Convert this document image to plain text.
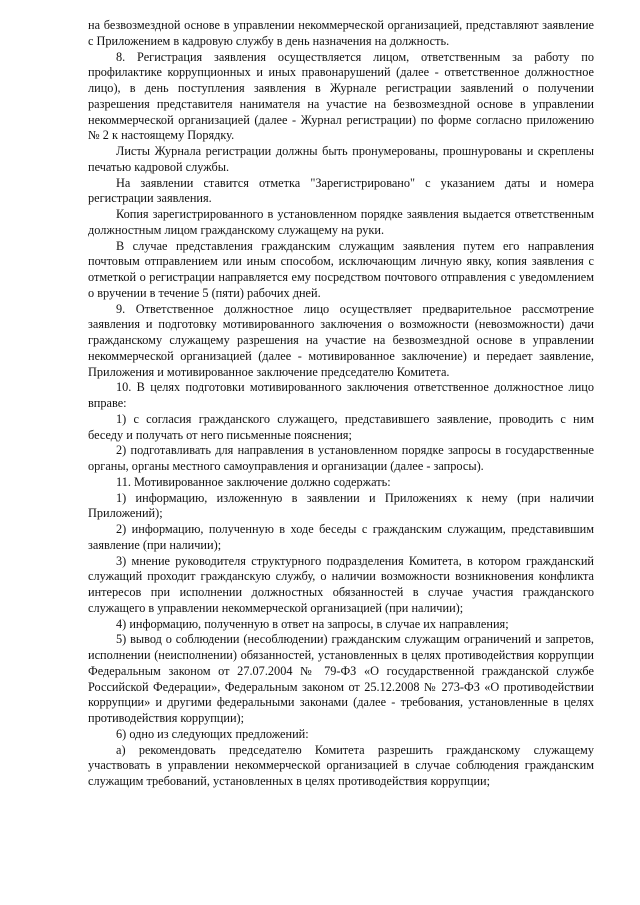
на безвозмездной основе в управлении некоммерческой организацией, представляют заявление с Приложением в кадровую службу в день назначения на должность.

8. Регистрация заявления осуществляется лицом, ответственным за работу по профилактике коррупционных и иных правонарушений (далее - ответственное должностное лицо), в день поступления заявления в Журнале регистрации заявлений о получении разрешения представителя нанимателя на участие на безвозмездной основе в управлении некоммерческой организацией (далее - Журнал регистрации) по форме согласно приложению № 2 к настоящему Порядку.

Листы Журнала регистрации должны быть пронумерованы, прошнурованы и скреплены печатью кадровой службы.

На заявлении ставится отметка "Зарегистрировано" с указанием даты и номера регистрации заявления.

Копия зарегистрированного в установленном порядке заявления выдается ответственным должностным лицом гражданскому служащему на руки.

В случае представления гражданским служащим заявления путем его направления почтовым отправлением или иным способом, исключающим личную явку, копия заявления с отметкой о регистрации направляется ему посредством почтового отправления с уведомлением о вручении в течение 5 (пяти) рабочих дней.

9. Ответственное должностное лицо осуществляет предварительное рассмотрение заявления и подготовку мотивированного заключения о возможности (невозможности) дачи гражданскому служащему разрешения на участие на безвозмездной основе в управлении некоммерческой организацией (далее - мотивированное заключение) и передает заявление, Приложения и мотивированное заключение председателю Комитета.

10. В целях подготовки мотивированного заключения ответственное должностное лицо вправе:

1) с согласия гражданского служащего, представившего заявление, проводить с ним беседу и получать от него письменные пояснения;

2) подготавливать для направления в установленном порядке запросы в государственные органы, органы местного самоуправления и организации (далее - запросы).

11. Мотивированное заключение должно содержать:

1) информацию, изложенную в заявлении и Приложениях к нему (при наличии Приложений);

2) информацию, полученную в ходе беседы с гражданским служащим, представившим заявление (при наличии);

3) мнение руководителя структурного подразделения Комитета, в котором гражданский служащий проходит гражданскую службу, о наличии возможности возникновения конфликта интересов при исполнении должностных обязанностей в случае участия гражданского служащего в управлении некоммерческой организацией (при наличии);

4) информацию, полученную в ответ на запросы, в случае их направления;

5) вывод о соблюдении (несоблюдении) гражданским служащим ограничений и запретов, исполнении (неисполнении) обязанностей, установленных в целях противодействия коррупции Федеральным законом от 27.07.2004 № 79-ФЗ «О государственной гражданской службе Российской Федерации», Федеральным законом от 25.12.2008 № 273-ФЗ «О противодействии коррупции» и другими федеральными законами (далее - требования, установленные в целях противодействия коррупции);

6) одно из следующих предложений:

а) рекомендовать председателю Комитета разрешить гражданскому служащему участвовать в управлении некоммерческой организацией в случае соблюдения гражданским служащим требований, установленных в целях противодействия коррупции;
